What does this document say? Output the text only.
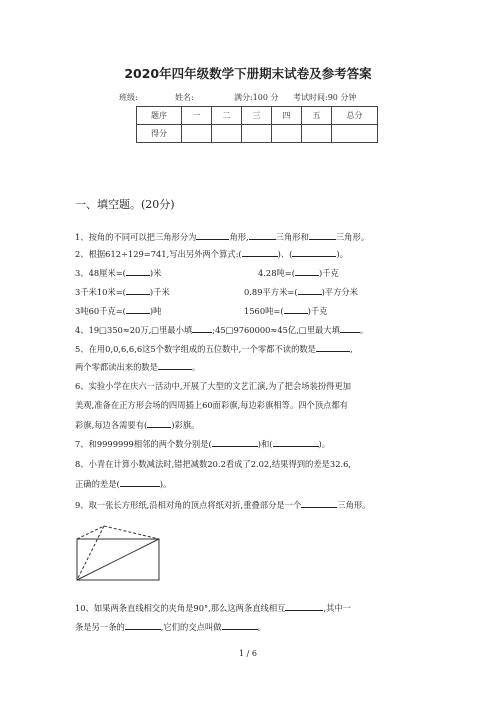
2020年四年级数学下册期末试卷及参考答案
班级:	姓名:	满分:100 分 考试时间:90 分钟
题序	一	二	三	四	五	总分
得分						
一、填空题。(20分)
1、按角的不同可以把三角形分为	角形,	三角形和	三角形。
2、根据612÷129=741,写出另外两个算式:(	)、(	)。
3、48厘米=(	)米	4.28吨=(	)千克
3千米10米=(	)千米	0.89平方米=(	)平方分米
3吨60千克=(	)吨	1560吨=(	)千克
4、19□350≈20万,□里最小填 ;45□9760000≈45亿,□里最大填 。
5、在用0,0,6,6,6这5个数字组成的五位数中,一个零都不读的数是	,
两个零都读出来的数是	。
6、实验小学在庆六一活动中,开展了大型的文艺汇演,为了把会场装扮得更加
美观,准备在正方形会场的四周插上60面彩旗,每边彩旗相等。四个顶点都有
彩旗,每边各需要有(	)彩旗。
7、和9999999相邻的两个数分别是(	)和(	)。
8、小青在计算小数减法时,错把减数20.2看成了2.02,结果得到的差是32.6,
正确的差是(	)。
9、取一张长方形纸,沿相对角的顶点将纸对折,重叠部分是一个	三角形。
10、如果两条直线相交的夹角是90°,那么这两条直线相互	,其中一
条是另一条的	,它们的交点叫做	。
1 / 6
